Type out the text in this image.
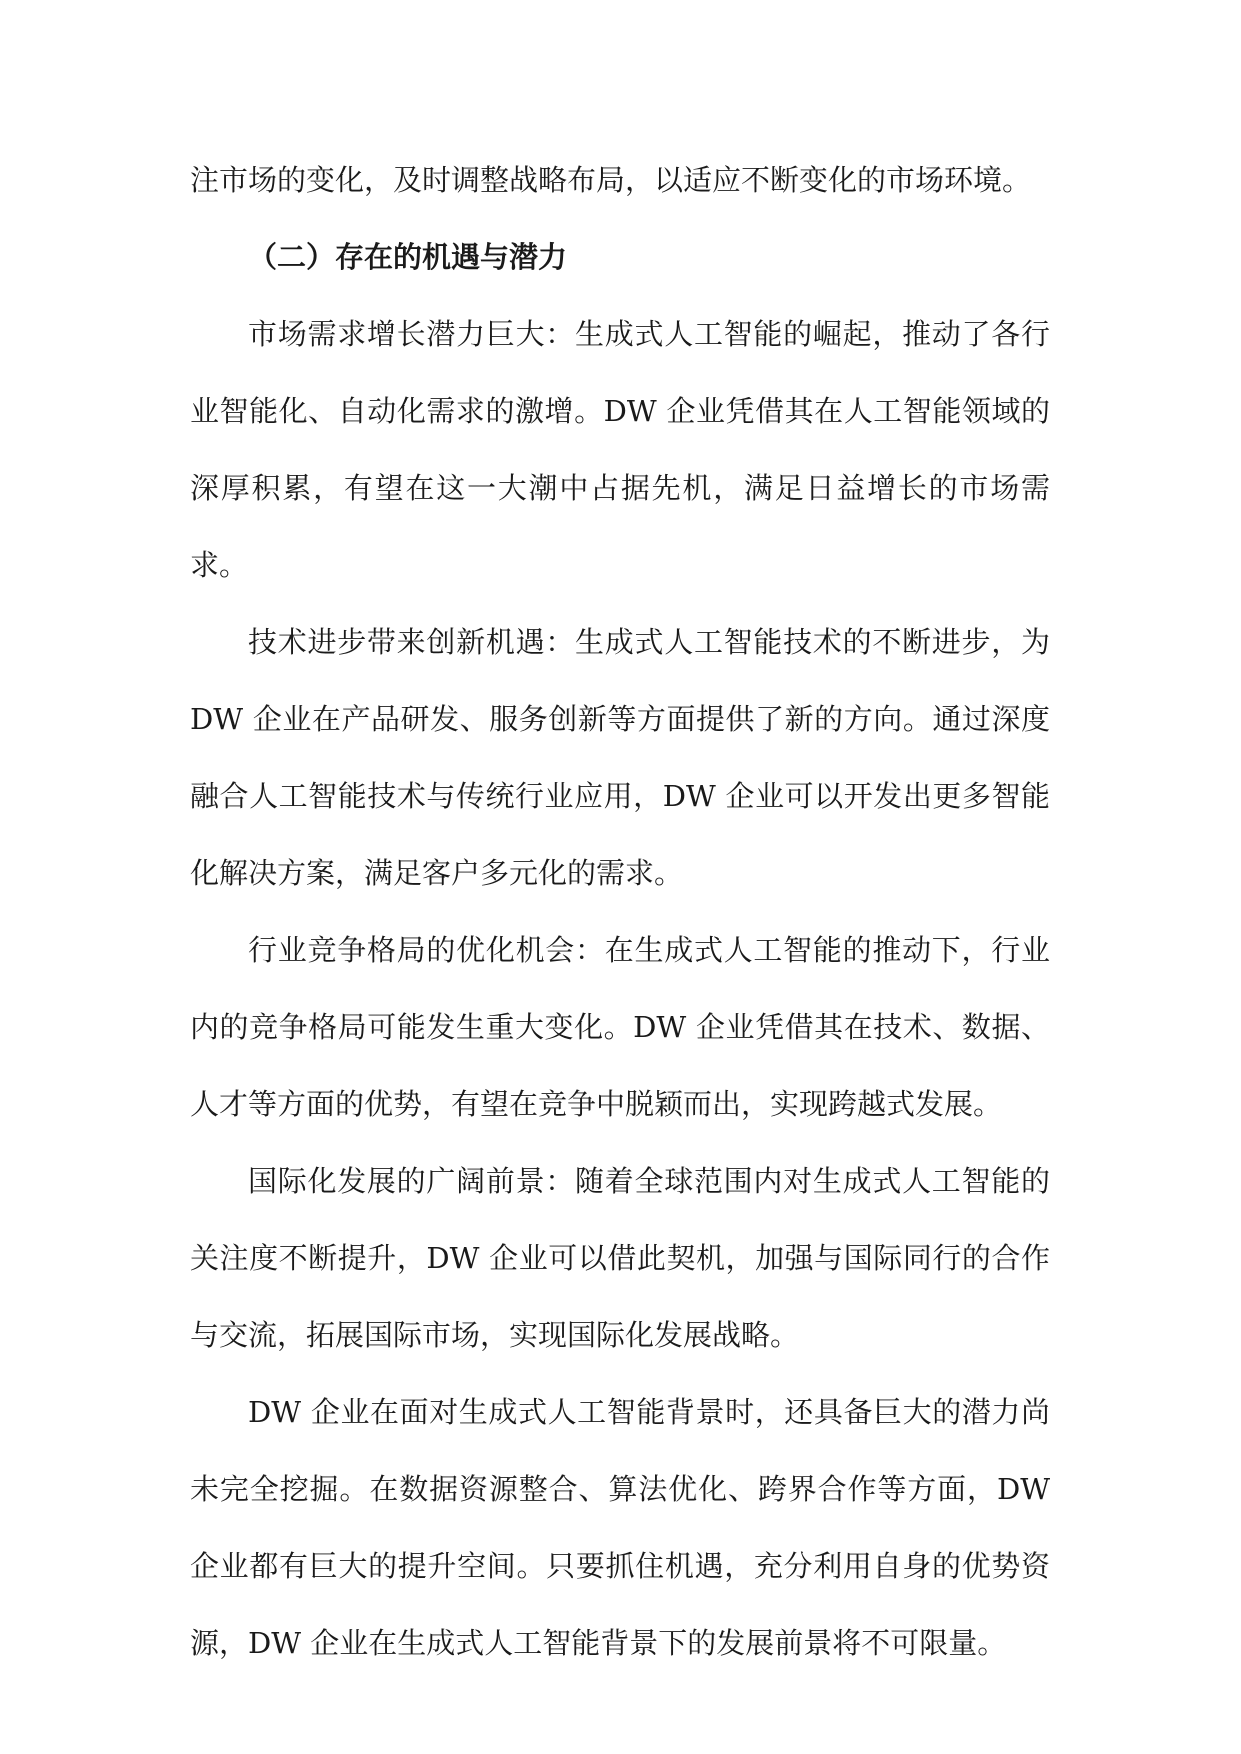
注市场的变化，及时调整战略布局，以适应不断变化的市场环境。

（二）存在的机遇与潜力

市场需求增长潜力巨大：生成式人工智能的崛起，推动了各行业智能化、自动化需求的激增。DW 企业凭借其在人工智能领域的深厚积累，有望在这一大潮中占据先机，满足日益增长的市场需求。

技术进步带来创新机遇：生成式人工智能技术的不断进步，为 DW 企业在产品研发、服务创新等方面提供了新的方向。通过深度融合人工智能技术与传统行业应用，DW 企业可以开发出更多智能化解决方案，满足客户多元化的需求。

行业竞争格局的优化机会：在生成式人工智能的推动下，行业内的竞争格局可能发生重大变化。DW 企业凭借其在技术、数据、人才等方面的优势，有望在竞争中脱颖而出，实现跨越式发展。

国际化发展的广阔前景：随着全球范围内对生成式人工智能的关注度不断提升，DW 企业可以借此契机，加强与国际同行的合作与交流，拓展国际市场，实现国际化发展战略。

DW 企业在面对生成式人工智能背景时，还具备巨大的潜力尚未完全挖掘。在数据资源整合、算法优化、跨界合作等方面，DW 企业都有巨大的提升空间。只要抓住机遇，充分利用自身的优势资源，DW 企业在生成式人工智能背景下的发展前景将不可限量。
